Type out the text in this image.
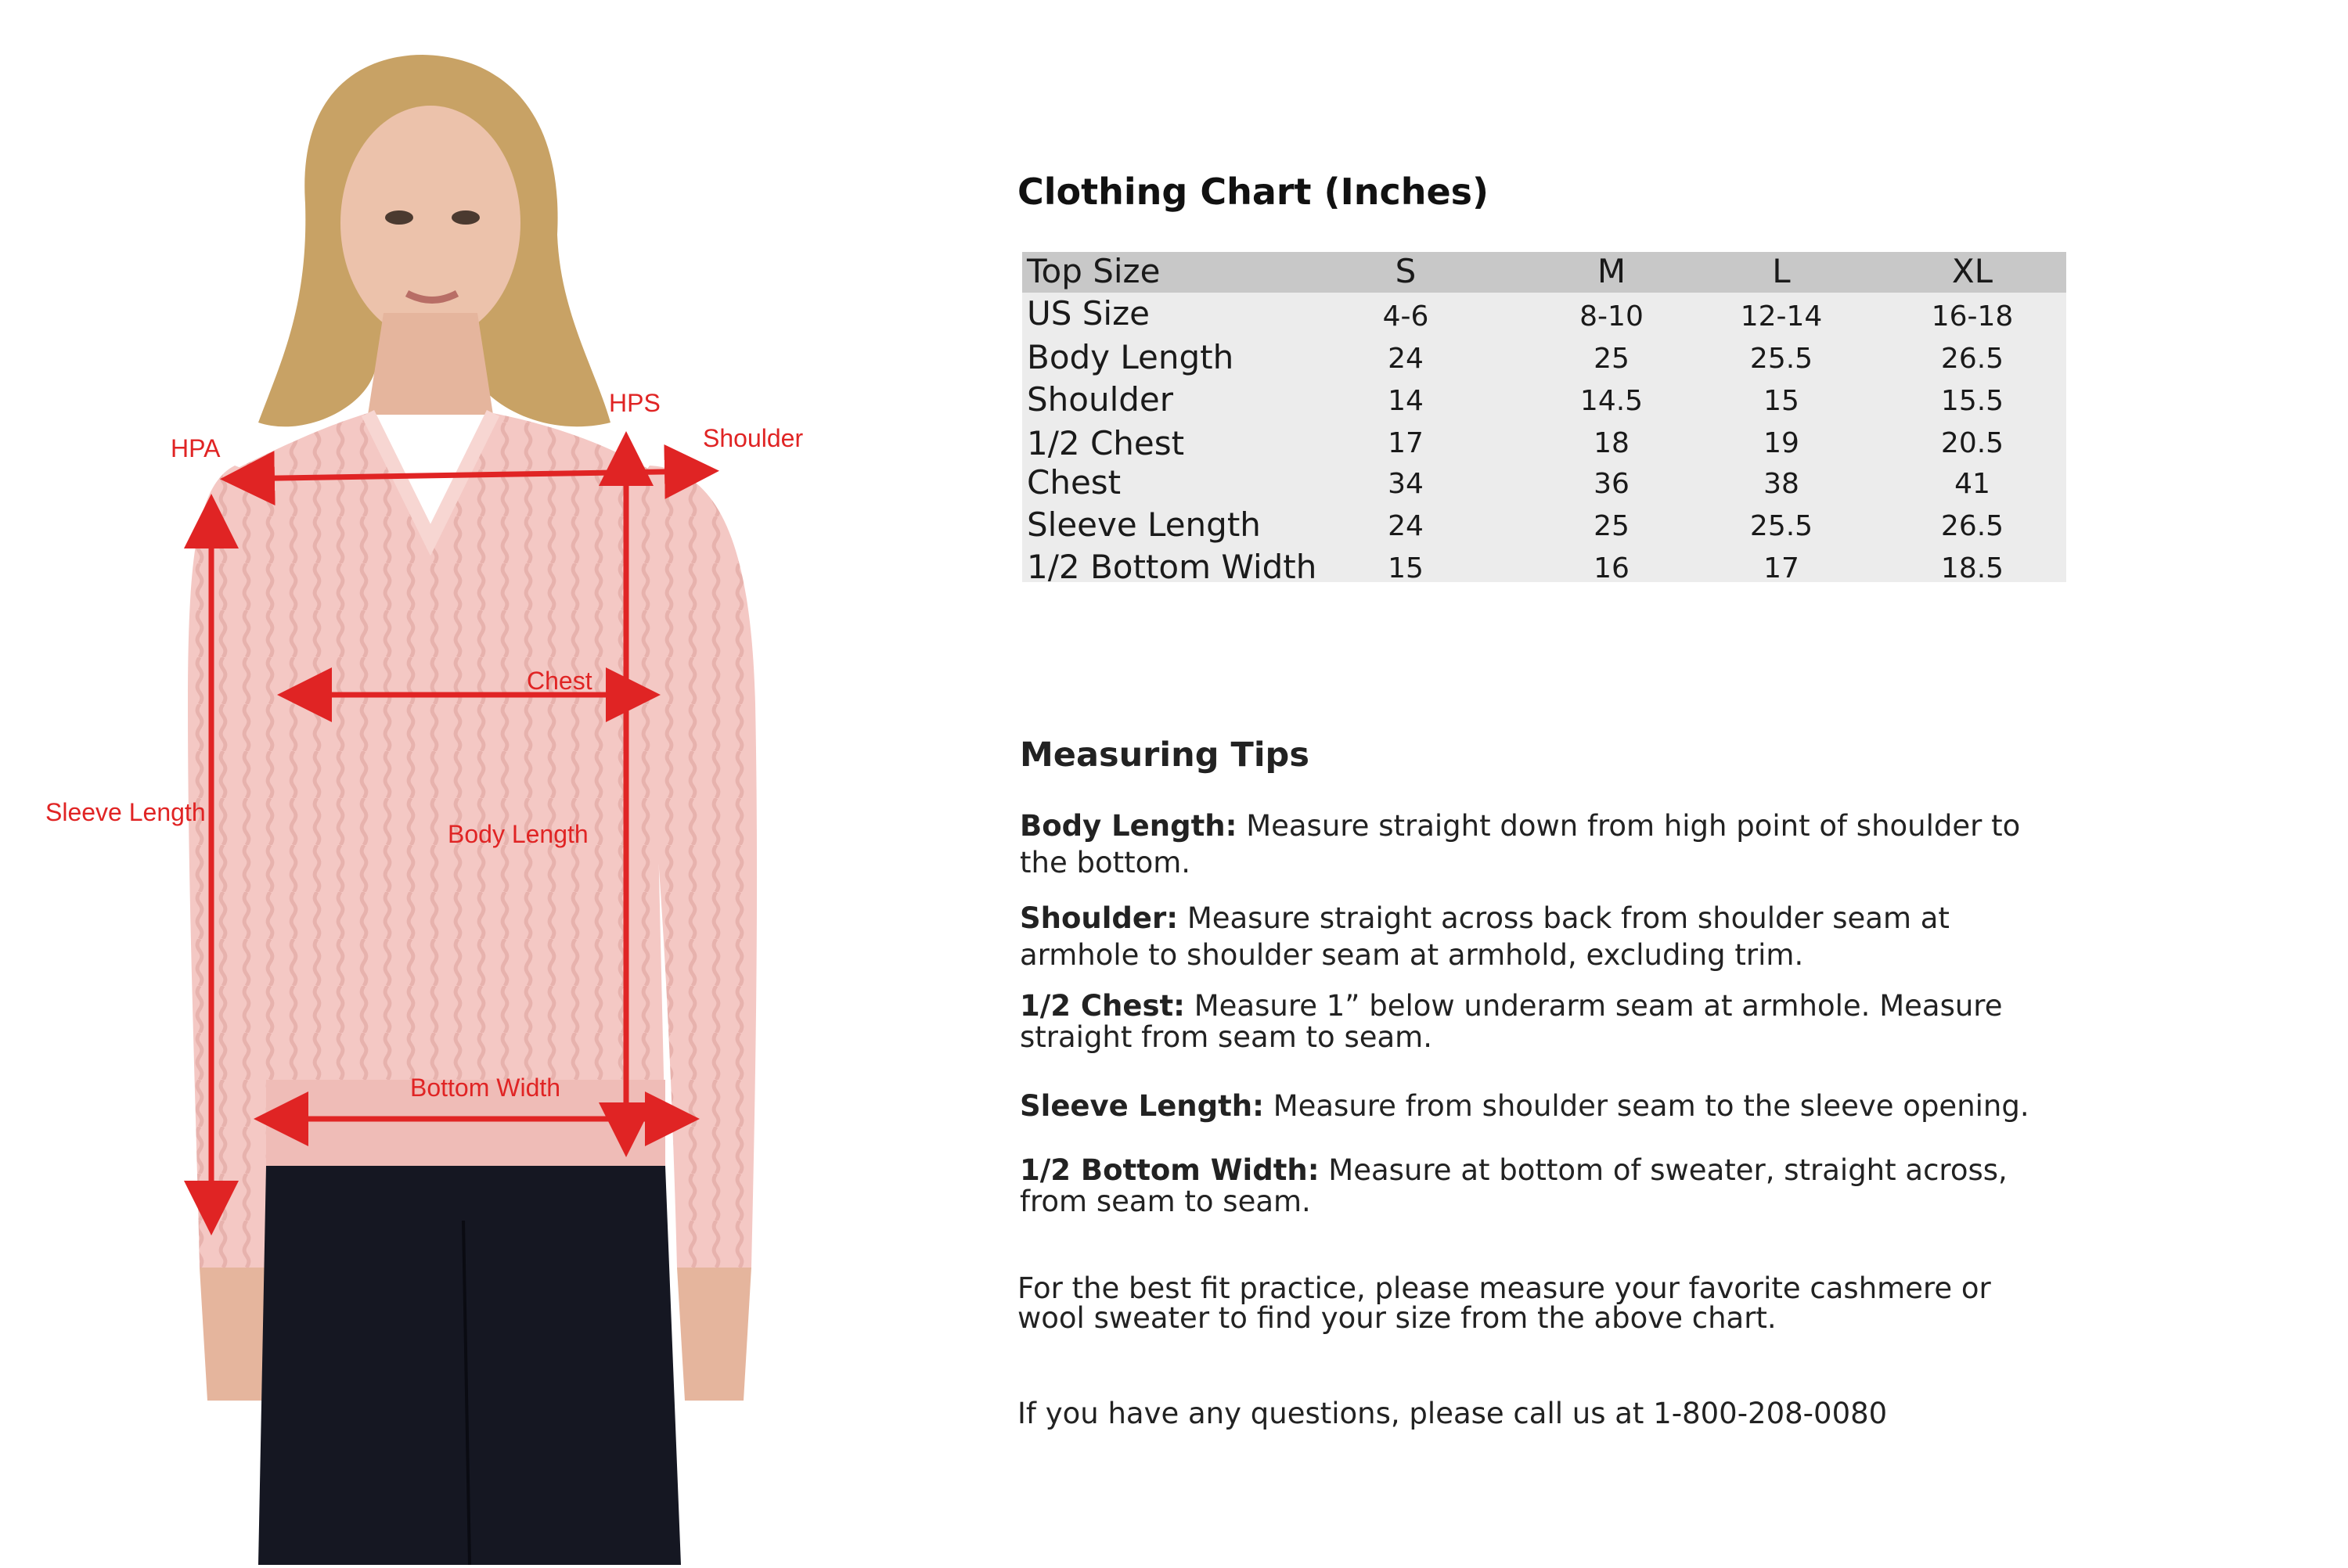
HPA
HPS
Shoulder
Chest
Sleeve Length
Body Length
Bottom Width
Clothing Chart (Inches)
Top Size	S	M	L	XL
US Size	4-6	8-10	12-14	16-18
Body Length	24	25	25.5	26.5
Shoulder	14	14.5	15	15.5
1/2 Chest	17	18	19	20.5
Chest	34	36	38	41
Sleeve Length	24	25	25.5	26.5
1/2 Bottom Width	15	16	17	18.5
Measuring Tips
Body Length: Measure straight down from high point of shoulder to the bottom.
Shoulder: Measure straight across back from shoulder seam at armhole to shoulder seam at armhold, excluding trim.
1/2 Chest: Measure 1” below underarm seam at armhole. Measure straight from seam to seam.
Sleeve Length: Measure from shoulder seam to the sleeve opening.
1/2 Bottom Width: Measure at bottom of sweater, straight across, from seam to seam.
For the best fit practice, please measure your favorite cashmere or wool sweater to find your size from the above chart.
If you have any questions, please call us at 1-800-208-0080
